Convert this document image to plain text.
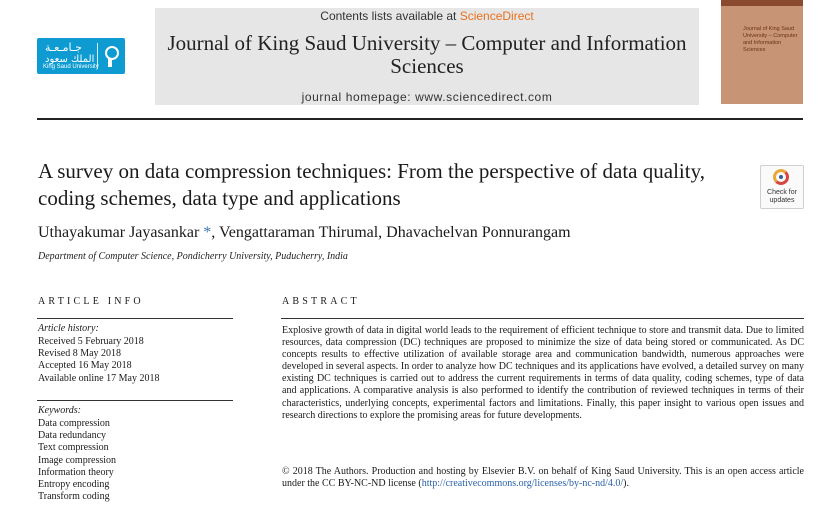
جـامـعـة
الملك سعود
King Saud University
Contents lists available at ScienceDirect
Journal of King Saud University – Computer and Information Sciences
journal homepage: www.sciencedirect.com
Journal of King Saud University – Computer and Information Sciences
A survey on data compression techniques: From the perspective of data quality, coding schemes, data type and applications	Check for updates
Uthayakumar Jayasankar *, Vengattaraman Thirumal, Dhavachelvan Ponnurangam
Department of Computer Science, Pondicherry University, Puducherry, India
ARTICLE INFO
Article history:
Received 5 February 2018
Revised 8 May 2018
Accepted 16 May 2018
Available online 17 May 2018
Keywords:
Data compression
Data redundancy
Text compression
Image compression
Information theory
Entropy encoding
Transform coding
ABSTRACT
Explosive growth of data in digital world leads to the requirement of efficient technique to store and transmit data. Due to limited resources, data compression (DC) techniques are proposed to minimize the size of data being stored or communicated. As DC concepts results to effective utilization of available storage area and communication bandwidth, numerous approaches were developed in several aspects. In order to analyze how DC techniques and its applications have evolved, a detailed survey on many existing DC techniques is carried out to address the current requirements in terms of data quality, coding schemes, type of data and applications. A comparative analysis is also performed to identify the contribution of reviewed techniques in terms of their characteristics, underlying concepts, experimental factors and limitations. Finally, this paper insight to various open issues and research directions to explore the promising areas for future developments.
© 2018 The Authors. Production and hosting by Elsevier B.V. on behalf of King Saud University. This is an open access article under the CC BY-NC-ND license (http://creativecommons.org/licenses/by-nc-nd/4.0/).
